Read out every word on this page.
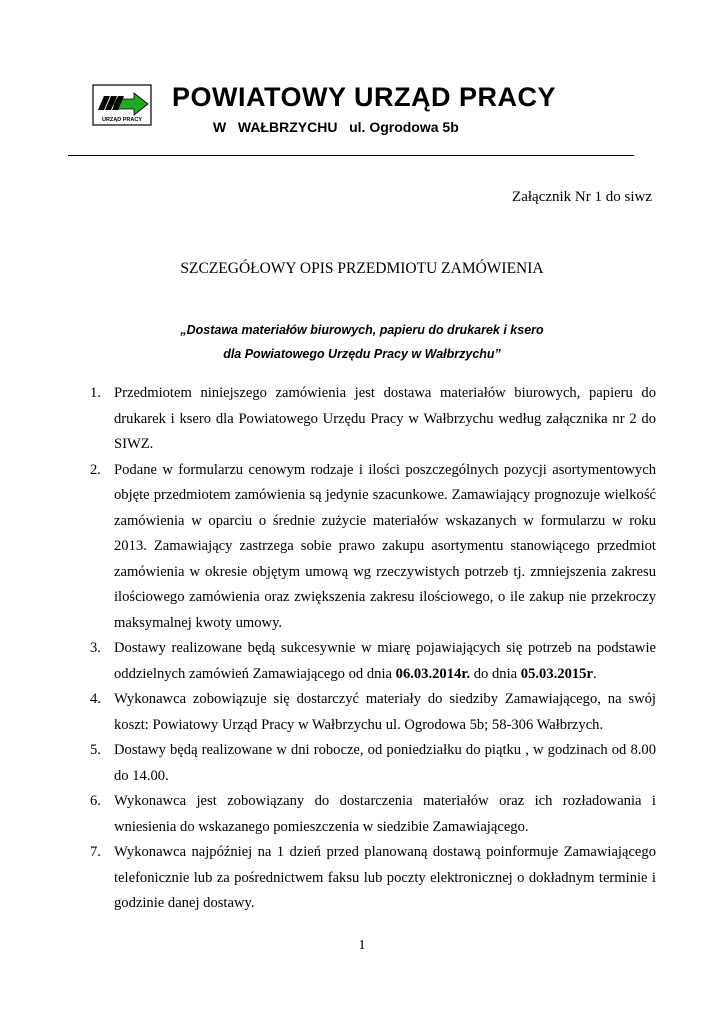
URZĄD PRACY
POWIATOWY URZĄD PRACY
W   WAŁBRZYCHU   ul. Ogrodowa 5b
Załącznik Nr 1 do siwz
SZCZEGÓŁOWY OPIS PRZEDMIOTU ZAMÓWIENIA
„Dostawa materiałów biurowych, papieru do drukarek i ksero
dla Powiatowego Urzędu Pracy w Wałbrzychu”
1. Przedmiotem niniejszego zamówienia jest dostawa materiałów biurowych, papieru do drukarek i ksero dla Powiatowego Urzędu Pracy w Wałbrzychu według załącznika nr 2 do SIWZ.
2. Podane w formularzu cenowym rodzaje i ilości poszczególnych pozycji asortymentowych objęte przedmiotem zamówienia są jedynie szacunkowe. Zamawiający prognozuje wielkość zamówienia w oparciu o średnie zużycie materiałów wskazanych w formularzu w roku 2013. Zamawiający zastrzega sobie prawo zakupu asortymentu stanowiącego przedmiot zamówienia w okresie objętym umową wg rzeczywistych potrzeb tj. zmniejszenia zakresu ilościowego zamówienia oraz zwiększenia zakresu ilościowego, o ile zakup nie przekroczy maksymalnej kwoty umowy.
3. Dostawy realizowane będą sukcesywnie w miarę pojawiających się potrzeb na podstawie oddzielnych zamówień Zamawiającego od dnia 06.03.2014r. do dnia 05.03.2015r.
4. Wykonawca zobowiązuje się dostarczyć materiały do siedziby Zamawiającego, na swój koszt: Powiatowy Urząd Pracy w Wałbrzychu ul. Ogrodowa 5b; 58-306 Wałbrzych.
5. Dostawy będą realizowane w dni robocze, od poniedziałku do piątku , w godzinach od 8.00 do 14.00.
6. Wykonawca jest zobowiązany do dostarczenia materiałów oraz ich rozładowania i wniesienia do wskazanego pomieszczenia w siedzibie Zamawiającego.
7. Wykonawca najpóźniej na 1 dzień przed planowaną dostawą poinformuje Zamawiającego telefonicznie lub za pośrednictwem faksu lub poczty elektronicznej o dokładnym terminie i godzinie danej dostawy.
1
